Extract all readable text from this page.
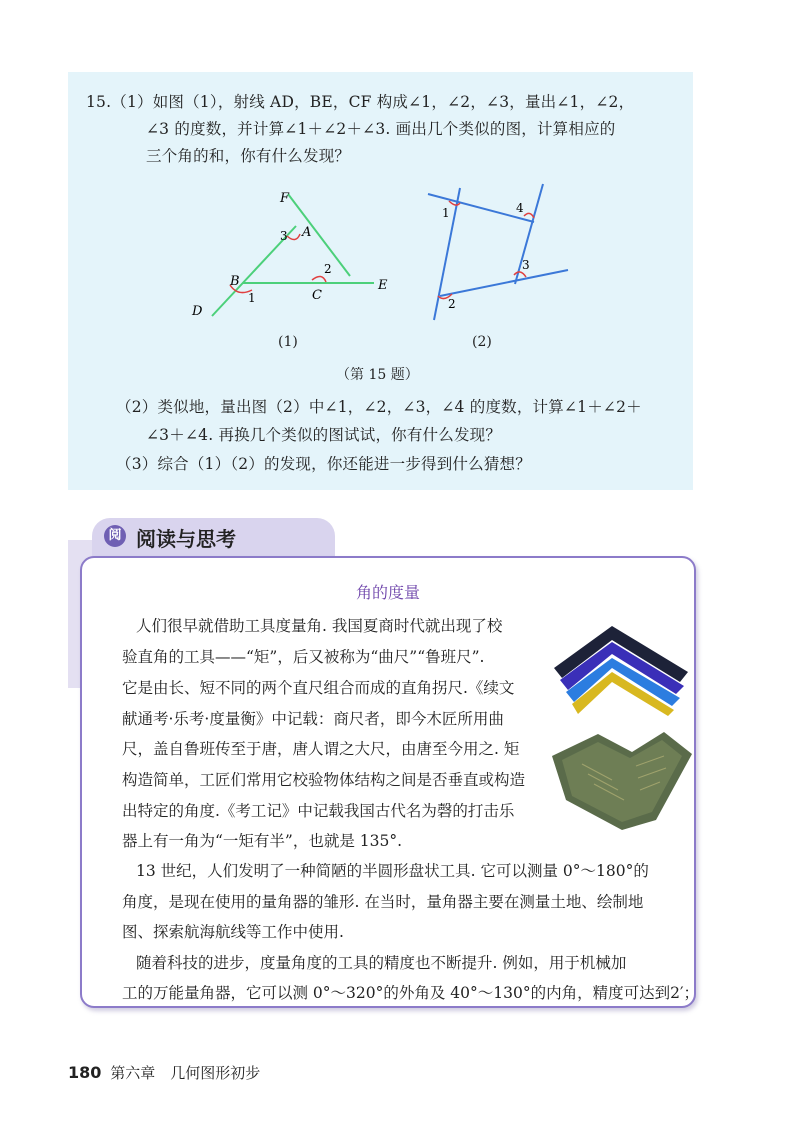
15.（1）如图（1），射线 AD，BE，CF 构成∠1，∠2，∠3，量出∠1，∠2，
∠3 的度数，并计算∠1＋∠2＋∠3. 画出几个类似的图，计算相应的
三个角的和，你有什么发现？
F
A
3
B
1
D
2
C
E
1	4
3
2
(1)	(2)
（第 15 题）
（2）类似地，量出图（2）中∠1，∠2，∠3，∠4 的度数，计算∠1＋∠2＋
∠3＋∠4. 再换几个类似的图试试，你有什么发现？
（3）综合（1）（2）的发现，你还能进一步得到什么猜想？
阅 阅读与思考
角的度量
人们很早就借助工具度量角. 我国夏商时代就出现了校
验直角的工具——“矩”，后又被称为“曲尺”“鲁班尺”.
它是由长、短不同的两个直尺组合而成的直角拐尺.《续文
献通考·乐考·度量衡》中记载：商尺者，即今木匠所用曲
尺，盖自鲁班传至于唐，唐人谓之大尺，由唐至今用之. 矩
构造简单，工匠们常用它校验物体结构之间是否垂直或构造
出特定的角度.《考工记》中记载我国古代名为磬的打击乐
器上有一角为“一矩有半”，也就是 135°.
13 世纪，人们发明了一种简陋的半圆形盘状工具. 它可以测量 0°～180°的
角度，是现在使用的量角器的雏形. 在当时，量角器主要在测量土地、绘制地
图、探索航海航线等工作中使用.
随着科技的进步，度量角度的工具的精度也不断提升. 例如，用于机械加
工的万能量角器，它可以测 0°～320°的外角及 40°～130°的内角，精度可达到2′；
180 第六章　几何图形初步
